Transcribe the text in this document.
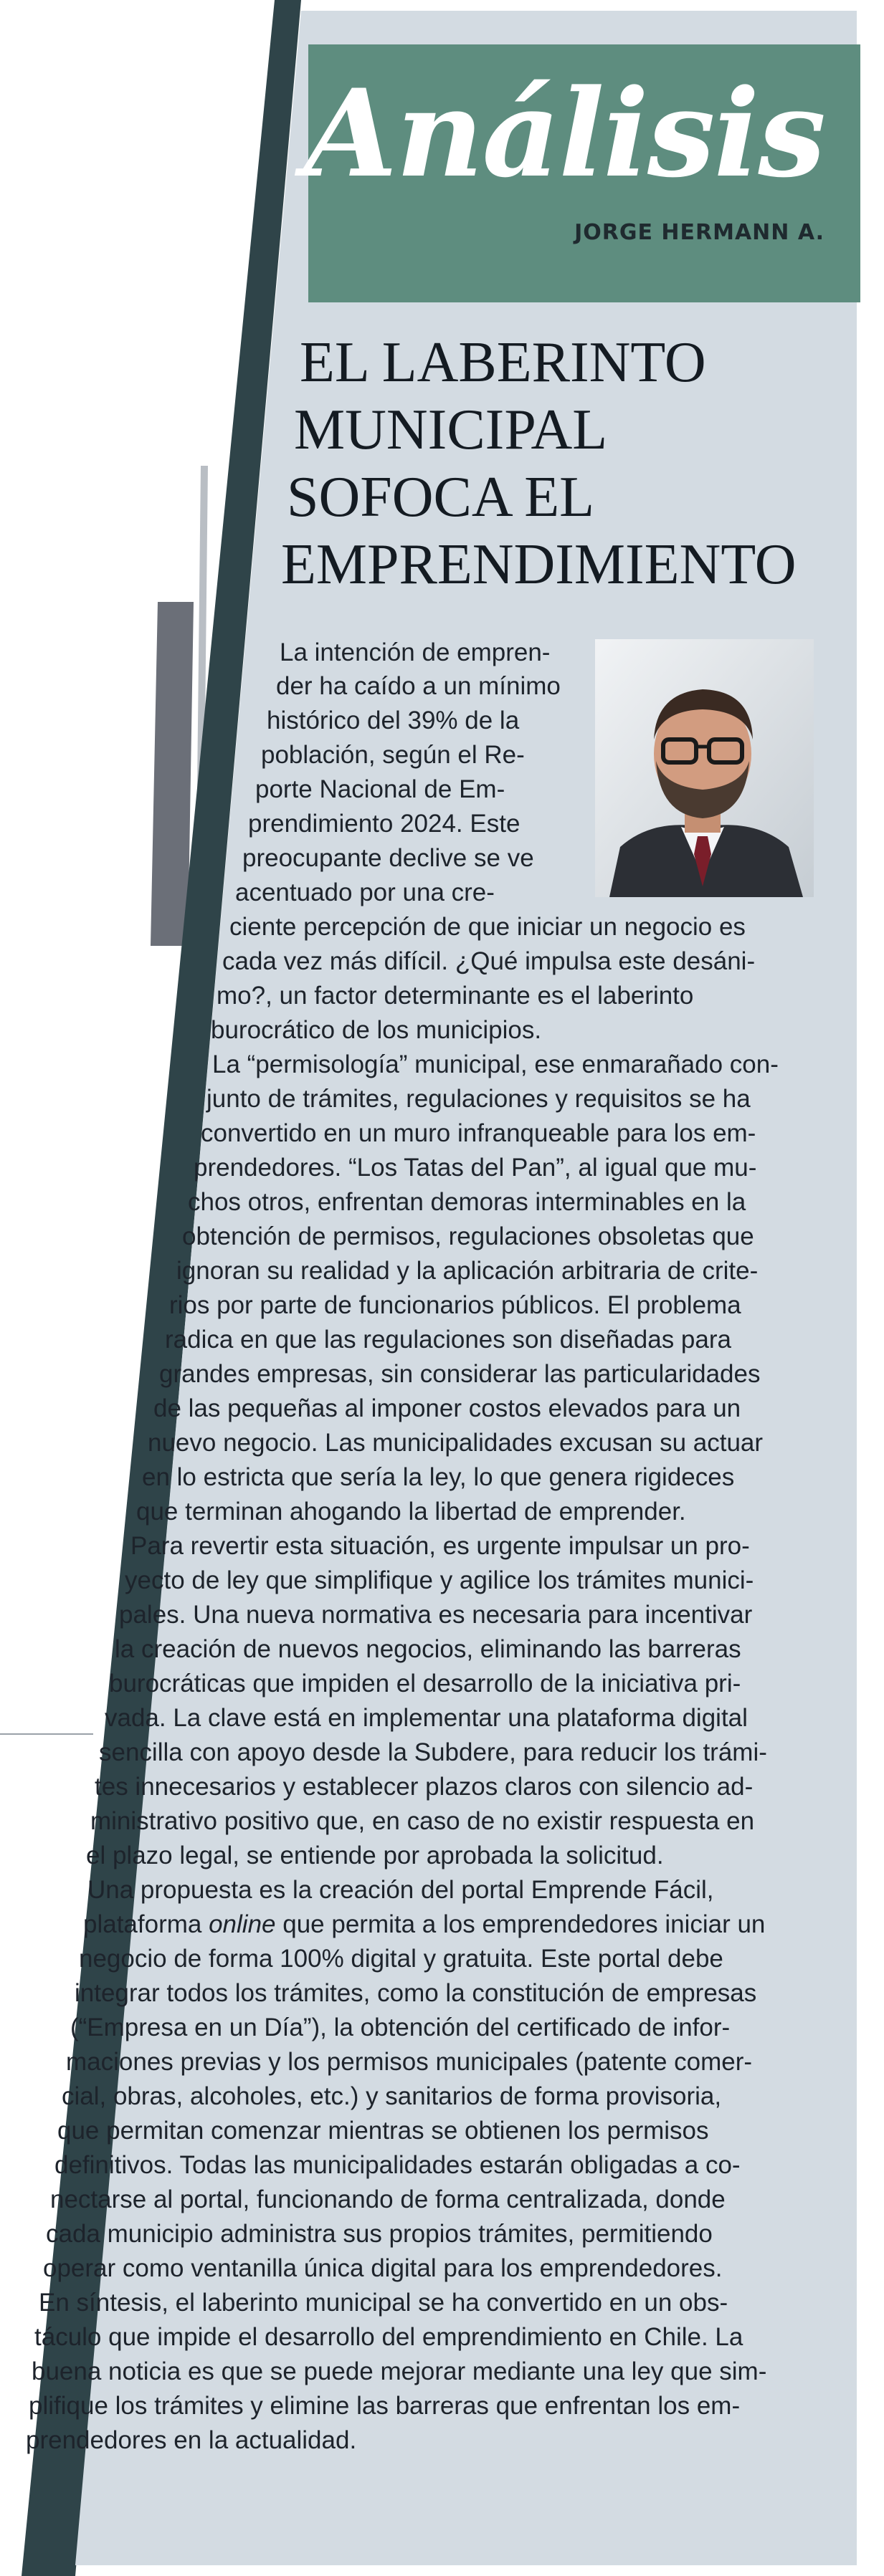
Análisis
JORGE HERMANN A.
EL LABERINTO
MUNICIPAL
SOFOCA EL
EMPRENDIMIENTO
La intención de empren-
der ha caído a un mínimo
histórico del 39% de la
población, según el Re-
porte Nacional de Em-
prendimiento 2024. Este
preocupante declive se ve
acentuado por una cre-
ciente percepción de que iniciar un negocio es
cada vez más difícil. ¿Qué impulsa este desáni-
mo?, un factor determinante es el laberinto
burocrático de los municipios.
La “permisología” municipal, ese enmarañado con-
junto de trámites, regulaciones y requisitos se ha
convertido en un muro infranqueable para los em-
prendedores. “Los Tatas del Pan”, al igual que mu-
chos otros, enfrentan demoras interminables en la
obtención de permisos, regulaciones obsoletas que
ignoran su realidad y la aplicación arbitraria de crite-
rios por parte de funcionarios públicos. El problema
radica en que las regulaciones son diseñadas para
grandes empresas, sin considerar las particularidades
de las pequeñas al imponer costos elevados para un
nuevo negocio. Las municipalidades excusan su actuar
en lo estricta que sería la ley, lo que genera rigideces
que terminan ahogando la libertad de emprender.
Para revertir esta situación, es urgente impulsar un pro-
yecto de ley que simplifique y agilice los trámites munici-
pales. Una nueva normativa es necesaria para incentivar
la creación de nuevos negocios, eliminando las barreras
burocráticas que impiden el desarrollo de la iniciativa pri-
vada. La clave está en implementar una plataforma digital
sencilla con apoyo desde la Subdere, para reducir los trámi-
tes innecesarios y establecer plazos claros con silencio ad-
ministrativo positivo que, en caso de no existir respuesta en
el plazo legal, se entiende por aprobada la solicitud.
Una propuesta es la creación del portal Emprende Fácil,
plataforma online que permita a los emprendedores iniciar un
negocio de forma 100% digital y gratuita. Este portal debe
integrar todos los trámites, como la constitución de empresas
(“Empresa en un Día”), la obtención del certificado de infor-
maciones previas y los permisos municipales (patente comer-
cial, obras, alcoholes, etc.) y sanitarios de forma provisoria,
que permitan comenzar mientras se obtienen los permisos
definitivos. Todas las municipalidades estarán obligadas a co-
nectarse al portal, funcionando de forma centralizada, donde
cada municipio administra sus propios trámites, permitiendo
operar como ventanilla única digital para los emprendedores.
En síntesis, el laberinto municipal se ha convertido en un obs-
táculo que impide el desarrollo del emprendimiento en Chile. La
buena noticia es que se puede mejorar mediante una ley que sim-
plifique los trámites y elimine las barreras que enfrentan los em-
prendedores en la actualidad.
